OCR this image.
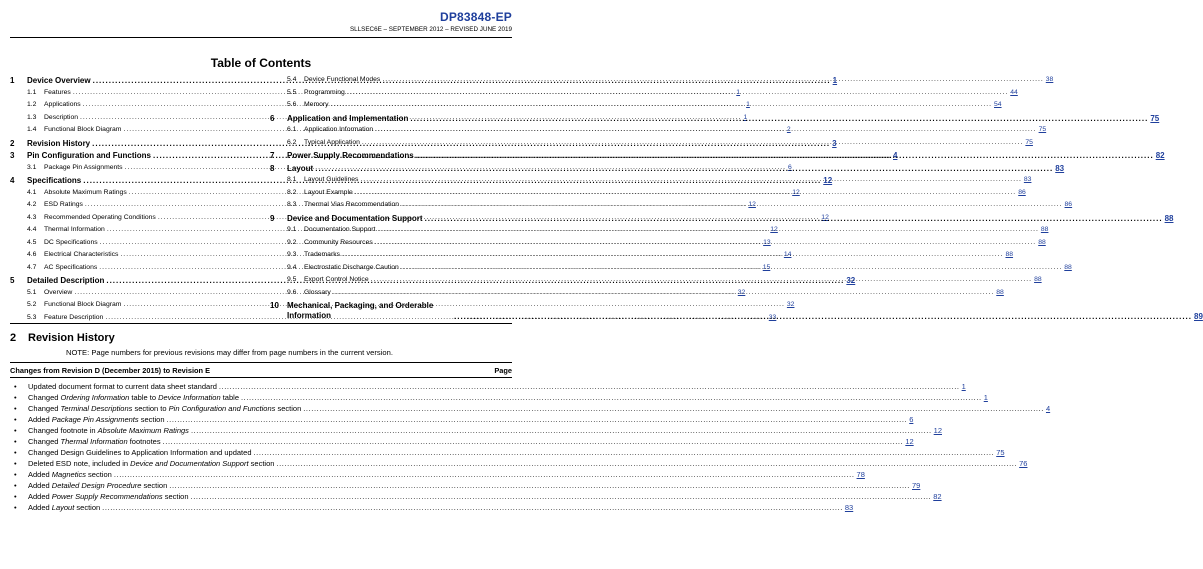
DP83848-EP
SLLSEC6E – SEPTEMBER 2012 – REVISED JUNE 2019
Table of Contents
1	Device Overview .....	1
1.1	Features .....	1
1.2	Applications .....	1
1.3	Description .....	1
1.4	Functional Block Diagram .....	2
2	Revision History .....	3
3	Pin Configuration and Functions .....	4
3.1	Package Pin Assignments .....	6
4	Specifications .....	12
4.1	Absolute Maximum Ratings .....	12
4.2	ESD Ratings .....	12
4.3	Recommended Operating Conditions .....	12
4.4	Thermal Information .....	12
4.5	DC Specifications .....	13
4.6	Electrical Characteristics .....	14
4.7	AC Specifications .....	15
5	Detailed Description .....	32
5.1	Overview .....	32
5.2	Functional Block Diagram .....	32
5.3	Feature Description .....	33
5.4	Device Functional Modes .....	38
5.5	Programming .....	44
5.6	Memory .....	54
6	Application and Implementation .....	75
6.1	Application Information .....	75
6.2	Typical Application .....	75
7	Power Supply Recommendations .....	82
8	Layout .....	83
8.1	Layout Guidelines .....	83
8.2	Layout Example .....	86
8.3	Thermal Vias Recommendation .....	86
9	Device and Documentation Support .....	88
9.1	Documentation Support .....	88
9.2	Community Resources .....	88
9.3	Trademarks .....	88
9.4	Electrostatic Discharge Caution .....	88
9.5	Export Control Notice .....	88
9.6	Glossary .....	88
10	Mechanical, Packaging, and Orderable Information .....	89
2 Revision History
NOTE: Page numbers for previous revisions may differ from page numbers in the current version.
Changes from Revision D (December 2015) to Revision E	Page
•	Updated document format to current data sheet standard .....	1
•	Changed Ordering Information table to Device Information table .....	1
•	Changed Terminal Descriptions section to Pin Configuration and Functions section .....	4
•	Added Package Pin Assignments section .....	6
•	Changed footnote in Absolute Maximum Ratings .....	12
•	Changed Thermal Information footnotes .....	12
•	Changed Design Guidelines to Application Information and updated .....	75
•	Deleted ESD note, included in Device and Documentation Support section .....	76
•	Added Magnetics section .....	78
•	Added Detailed Design Procedure section .....	79
•	Added Power Supply Recommendations section .....	82
•	Added Layout section .....	83
